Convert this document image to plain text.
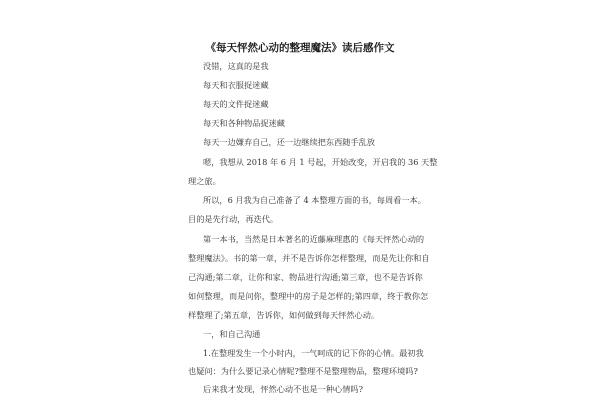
《每天怦然心动的整理魔法》读后感作文
没错，这真的是我
每天和衣服捉迷藏
每天的文件捉迷藏
每天和各种物品捉迷藏
每天一边嫌弃自己，还一边继续把东西随手乱放
嗯，我想从 2018 年 6 月 1 号起，开始改变，开启我的 36 天整
理之旅。
所以，6 月我为自己准备了 4 本整理方面的书，每周看一本。
目的是先行动，再迭代。
第一本书，当然是日本著名的近藤麻理惠的《每天怦然心动的
整理魔法》。书的第一章，并不是告诉你怎样整理，而是先让你和自
己沟通;第二章，让你和家、物品进行沟通;第三章，也不是告诉你
如何整理，而是问你，整理中的房子是怎样的;第四章，终于教你怎
样整理了;第五章，告诉你，如何做到每天怦然心动。
一，和自己沟通
1.在整理发生一个小时内，一气呵成的记下你的心情。最初我
也疑问：为什么要记录心情呢?整理不是整理物品，整理环境吗?
后来我才发现，怦然心动不也是一种心情吗?
